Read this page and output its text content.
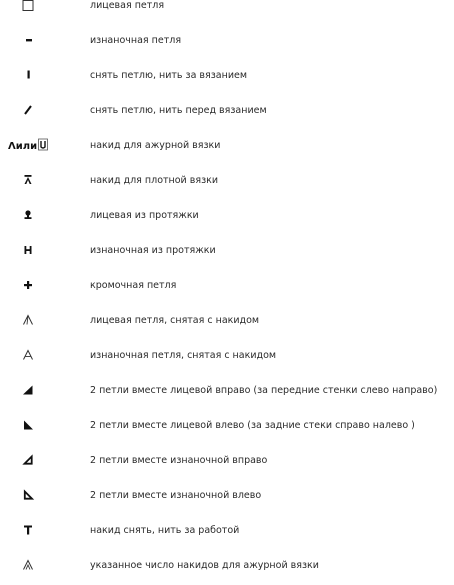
лицевая петля
изнаночная петля
снять петлю, нить за вязанием
снять петлю, нить перед вязанием
Λили	накид для ажурной вязки
накид для плотной вязки
лицевая из протяжки
изнаночная из протяжки
кромочная петля
лицевая петля, снятая с накидом
изнаночная петля, снятая с накидом
2 петли вместе лицевой вправо (за передние стенки слево направо)
2 петли вместе лицевой влево (за задние стеки справо налево )
2 петли вместе изнаночной вправо
2 петли вместе изнаночной влево
накид снять, нить за работой
указанное число накидов для ажурной вязки
